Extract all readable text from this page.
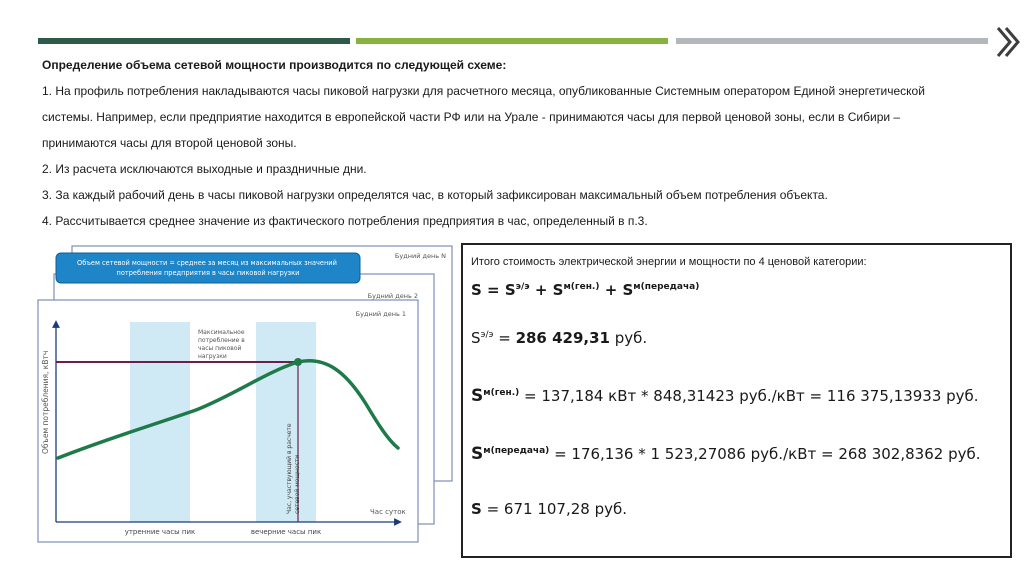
Определение объема сетевой мощности производится по следующей схеме:

1. На профиль потребления накладываются часы пиковой нагрузки для расчетного месяца, опубликованные Системным оператором Единой энергетической системы. Например, если предприятие находится в европейской части РФ или на Урале - принимаются часы для первой ценовой зоны, если в Сибири – принимаются часы для второй ценовой зоны.

2. Из расчета исключаются выходные и праздничные дни.

3. За каждый рабочий день в часы пиковой нагрузки определятся час, в который зафиксирован максимальный объем потребления объекта.

4. Рассчитывается среднее значение из фактического потребления предприятия в час, определенный в п.3.

Будний день N
Будний день 2
Будний день 1
Объем сетевой мощности = среднее за месяц из максимальных значений потребления предприятия в часы пиковой нагрузки
Объем потребления, кВтч
Час суток
утренние часы пик	вечерние часы пик
Максимальное потребление в часы пиковой нагрузки
Час, участвующий в расчете сетевой мощности
Итого стоимость электрической энергии и мощности по 4 ценовой категории:
$S = S^{э/э} + S^{м(ген.)} + S^{м(передача)}$
$S^{э/э} = 286$ 429,31 руб.
$S^{м(ген.)} = 137,184$ кВт * 848,31423 руб./кВт = 116 375,13933 руб.
$S^{м(передача)} = 176,136 * 1$ 523,27086 руб./кВт = 268 302,8362 руб.
S = 671 107,28 руб.
